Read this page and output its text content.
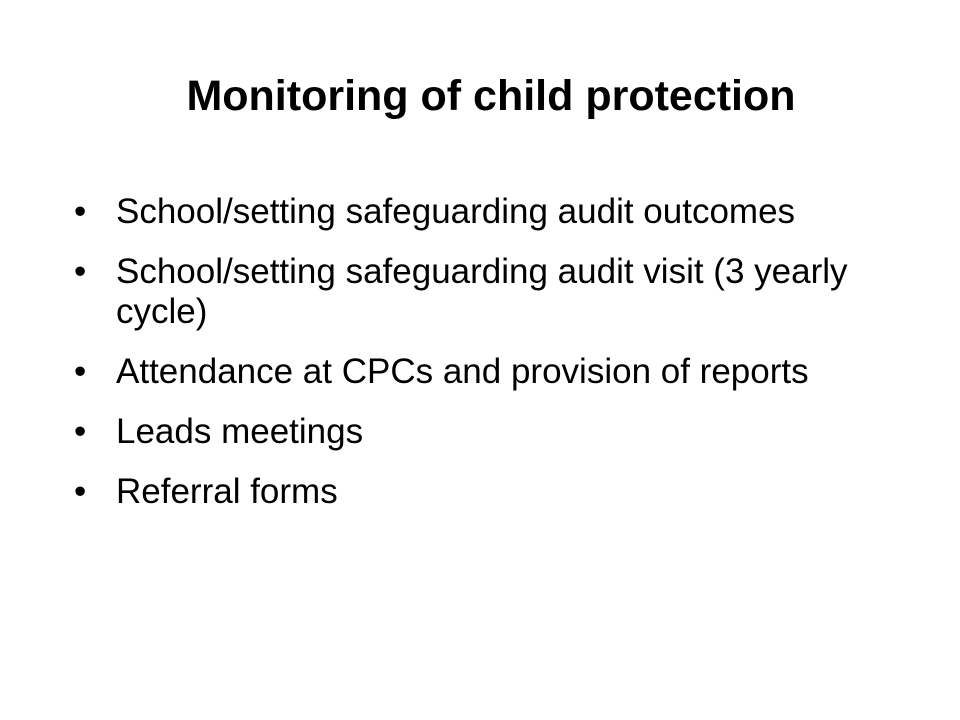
Monitoring of child protection
• School/setting safeguarding audit outcomes
• School/setting safeguarding audit visit (3 yearly cycle)
• Attendance at CPCs and provision of reports
• Leads meetings
• Referral forms
